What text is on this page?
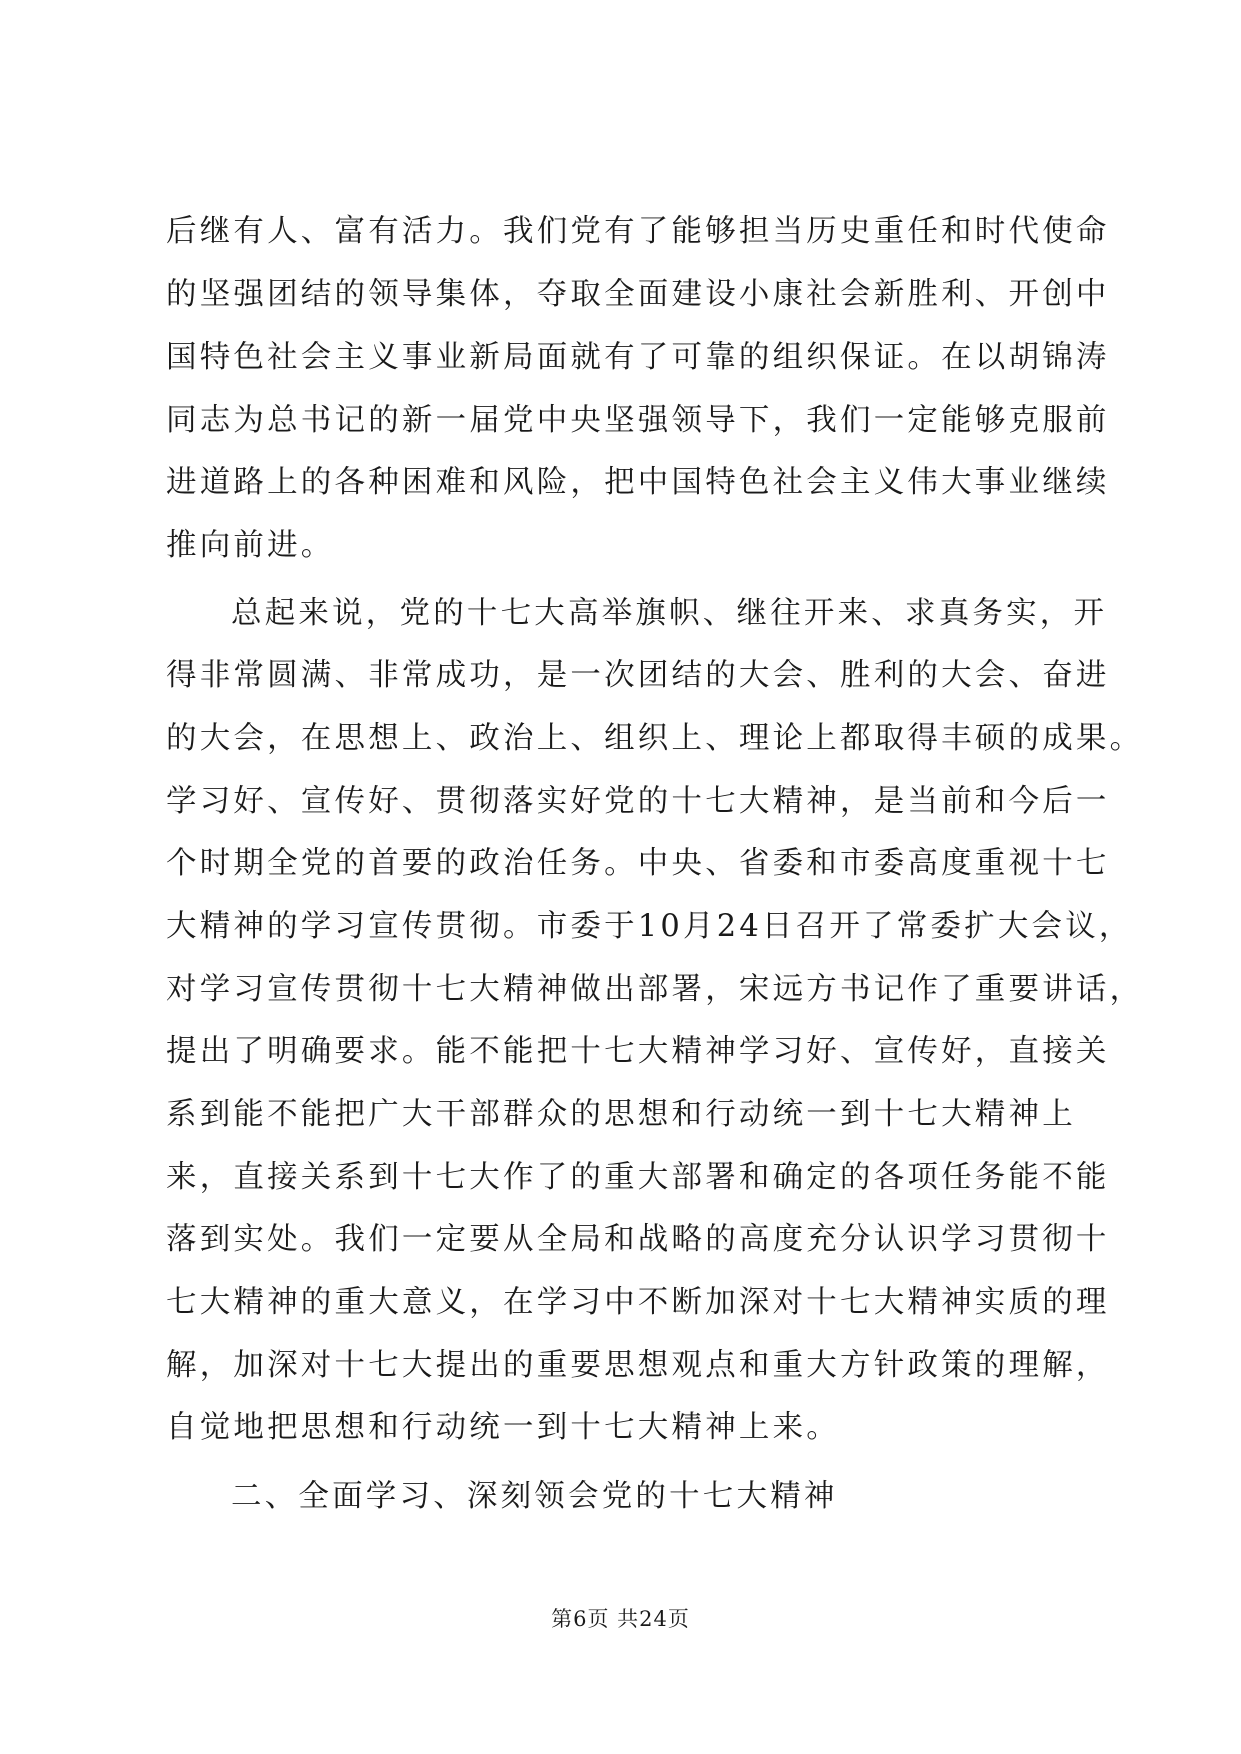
后继有人、富有活力。我们党有了能够担当历史重任和时代使命
的坚强团结的领导集体，夺取全面建设小康社会新胜利、开创中
国特色社会主义事业新局面就有了可靠的组织保证。在以胡锦涛
同志为总书记的新一届党中央坚强领导下，我们一定能够克服前
进道路上的各种困难和风险，把中国特色社会主义伟大事业继续
推向前进。
总起来说，党的十七大高举旗帜、继往开来、求真务实，开
得非常圆满、非常成功，是一次团结的大会、胜利的大会、奋进
的大会，在思想上、政治上、组织上、理论上都取得丰硕的成果。
学习好、宣传好、贯彻落实好党的十七大精神，是当前和今后一
个时期全党的首要的政治任务。中央、省委和市委高度重视十七
大精神的学习宣传贯彻。市委于10月24日召开了常委扩大会议，
对学习宣传贯彻十七大精神做出部署，宋远方书记作了重要讲话，
提出了明确要求。能不能把十七大精神学习好、宣传好，直接关
系到能不能把广大干部群众的思想和行动统一到十七大精神上
来，直接关系到十七大作了的重大部署和确定的各项任务能不能
落到实处。我们一定要从全局和战略的高度充分认识学习贯彻十
七大精神的重大意义，在学习中不断加深对十七大精神实质的理
解，加深对十七大提出的重要思想观点和重大方针政策的理解，
自觉地把思想和行动统一到十七大精神上来。
二、全面学习、深刻领会党的十七大精神
第6页 共24页
